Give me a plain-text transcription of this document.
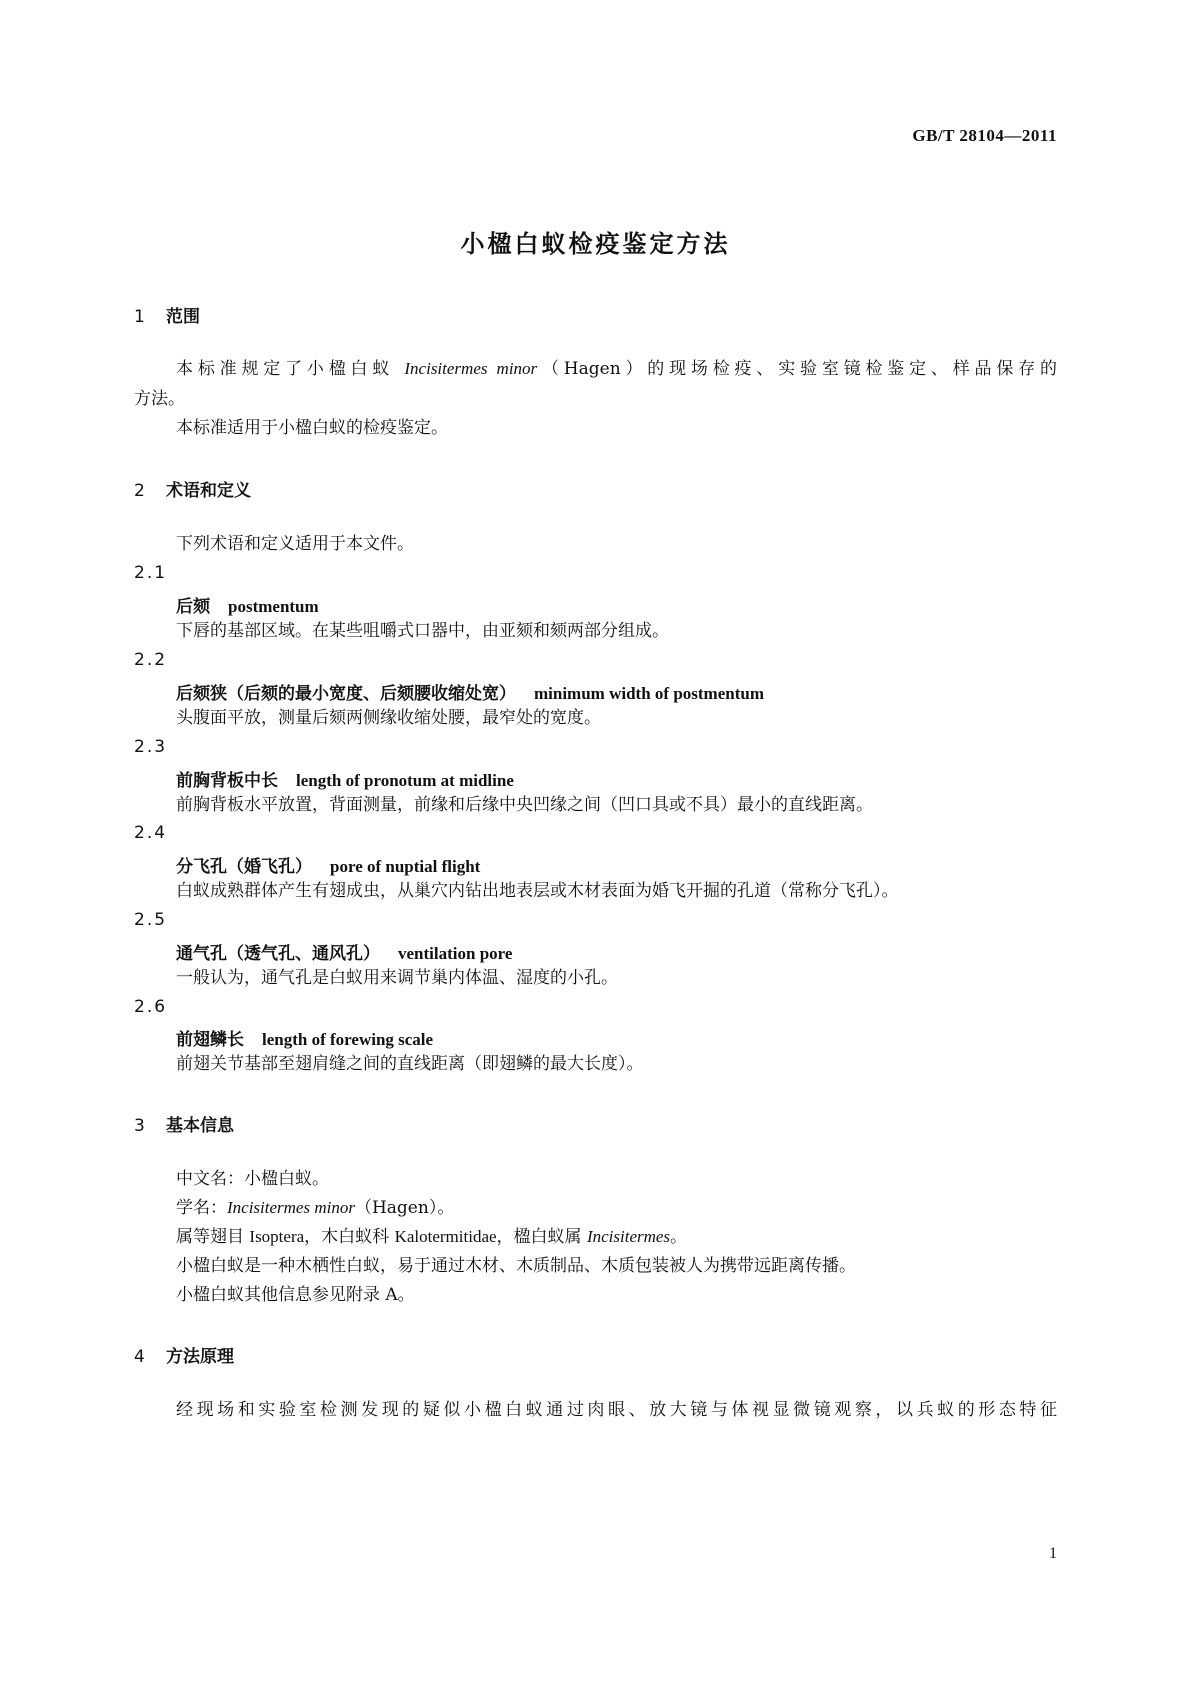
GB/T 28104—2011
小楹白蚁检疫鉴定方法
1 范围
本标准规定了小楹白蚁 Incisitermes minor（Hagen）的现场检疫、实验室镜检鉴定、样品保存的
方法。
本标准适用于小楹白蚁的检疫鉴定。
2 术语和定义
下列术语和定义适用于本文件。
2.1
后颏 postmentum
下唇的基部区域。在某些咀嚼式口器中，由亚颏和颏两部分组成。
2.2
后颏狭（后颏的最小宽度、后颏腰收缩处宽） minimum width of postmentum
头腹面平放，测量后颏两侧缘收缩处腰，最窄处的宽度。
2.3
前胸背板中长 length of pronotum at midline
前胸背板水平放置，背面测量，前缘和后缘中央凹缘之间（凹口具或不具）最小的直线距离。
2.4
分飞孔（婚飞孔） pore of nuptial flight
白蚁成熟群体产生有翅成虫，从巢穴内钻出地表层或木材表面为婚飞开掘的孔道（常称分飞孔）。
2.5
通气孔（透气孔、通风孔） ventilation pore
一般认为，通气孔是白蚁用来调节巢内体温、湿度的小孔。
2.6
前翅鳞长 length of forewing scale
前翅关节基部至翅肩缝之间的直线距离（即翅鳞的最大长度）。
3 基本信息
中文名：小楹白蚁。
学名：Incisitermes minor（Hagen）。
属等翅目 Isoptera，木白蚁科 Kalotermitidae，楹白蚁属 Incisitermes。
小楹白蚁是一种木栖性白蚁，易于通过木材、木质制品、木质包装被人为携带远距离传播。
小楹白蚁其他信息参见附录 A。
4 方法原理
经现场和实验室检测发现的疑似小楹白蚁通过肉眼、放大镜与体视显微镜观察，以兵蚁的形态特征
1
